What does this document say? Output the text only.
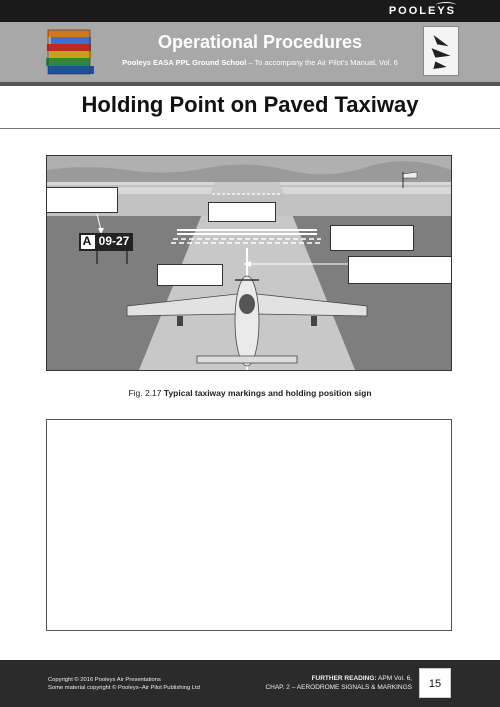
POOLEYS
Operational Procedures
Pooleys EASA PPL Ground School – To accompany the Air Pilot’s Manual, Vol. 6
Holding Point on Paved Taxiway
A 09-27
Fig. 2.17 Typical taxiway markings and holding position sign
Copyright © 2016 Pooleys Air Presentations
Some material copyright © Pooleys–Air Pilot Publishing Ltd
FURTHER READING: APM Vol. 6,
CHAP. 2 – AERODROME SIGNALS & MARKINGS	15
